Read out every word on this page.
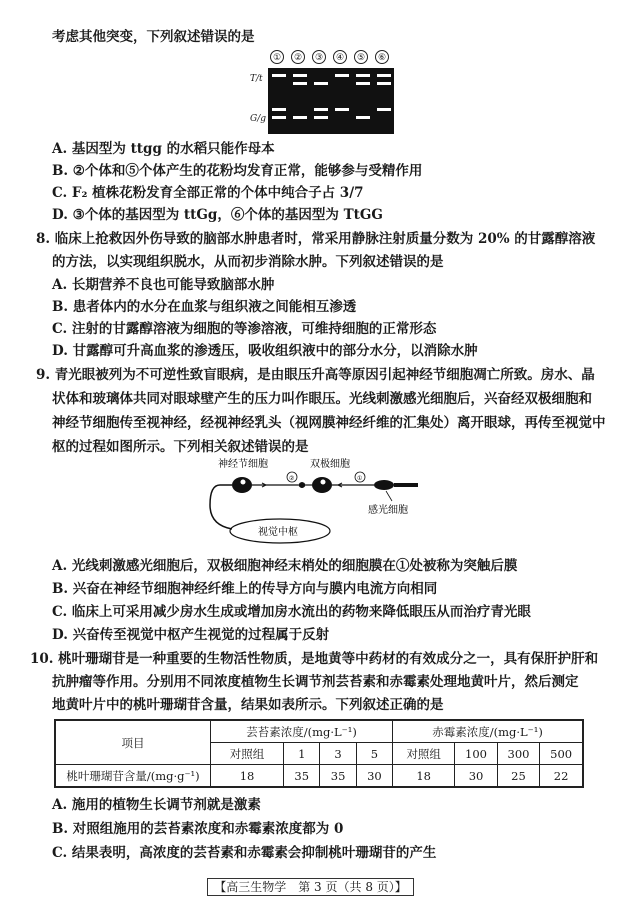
考虑其他突变，下列叙述错误的是
①	②	③	④	⑤	⑥
T/t
G/g
A. 基因型为 ttgg 的水稻只能作母本
B. ②个体和⑤个体产生的花粉均发育正常，能够参与受精作用
C. F₂ 植株花粉发育全部正常的个体中纯合子占 3/7
D. ③个体的基因型为 ttGg，⑥个体的基因型为 TtGG
8. 临床上抢救因外伤导致的脑部水肿患者时，常采用静脉注射质量分数为 20% 的甘露醇溶液
的方法，以实现组织脱水，从而初步消除水肿。下列叙述错误的是
A. 长期营养不良也可能导致脑部水肿
B. 患者体内的水分在血浆与组织液之间能相互渗透
C. 注射的甘露醇溶液为细胞的等渗溶液，可维持细胞的正常形态
D. 甘露醇可升高血浆的渗透压，吸收组织液中的部分水分，以消除水肿
9. 青光眼被列为不可逆性致盲眼病，是由眼压升高等原因引起神经节细胞凋亡所致。房水、晶
状体和玻璃体共同对眼球壁产生的压力叫作眼压。光线刺激感光细胞后，兴奋经双极细胞和
神经节细胞传至视神经，经视神经乳头（视网膜神经纤维的汇集处）离开眼球，再传至视觉中
枢的过程如图所示。下列相关叙述错误的是
神经节细胞	双极细胞
感光细胞
视觉中枢
②	①
A. 光线刺激感光细胞后，双极细胞神经末梢处的细胞膜在①处被称为突触后膜
B. 兴奋在神经节细胞神经纤维上的传导方向与膜内电流方向相同
C. 临床上可采用减少房水生成或增加房水流出的药物来降低眼压从而治疗青光眼
D. 兴奋传至视觉中枢产生视觉的过程属于反射
10. 桃叶珊瑚苷是一种重要的生物活性物质，是地黄等中药材的有效成分之一，具有保肝护肝和
抗肿瘤等作用。分别用不同浓度植物生长调节剂芸苔素和赤霉素处理地黄叶片，然后测定
地黄叶片中的桃叶珊瑚苷含量，结果如表所示。下列叙述正确的是
项目	芸苔素浓度/(mg·L⁻¹)				赤霉素浓度/(mg·L⁻¹)			
	对照组	1	3	5	对照组	100	300	500
桃叶珊瑚苷含量/(mg·g⁻¹)	18	35	35	30	18	30	25	22
A. 施用的植物生长调节剂就是激素
B. 对照组施用的芸苔素浓度和赤霉素浓度都为 0
C. 结果表明，高浓度的芸苔素和赤霉素会抑制桃叶珊瑚苷的产生
【高三生物学　第 3 页（共 8 页）】
